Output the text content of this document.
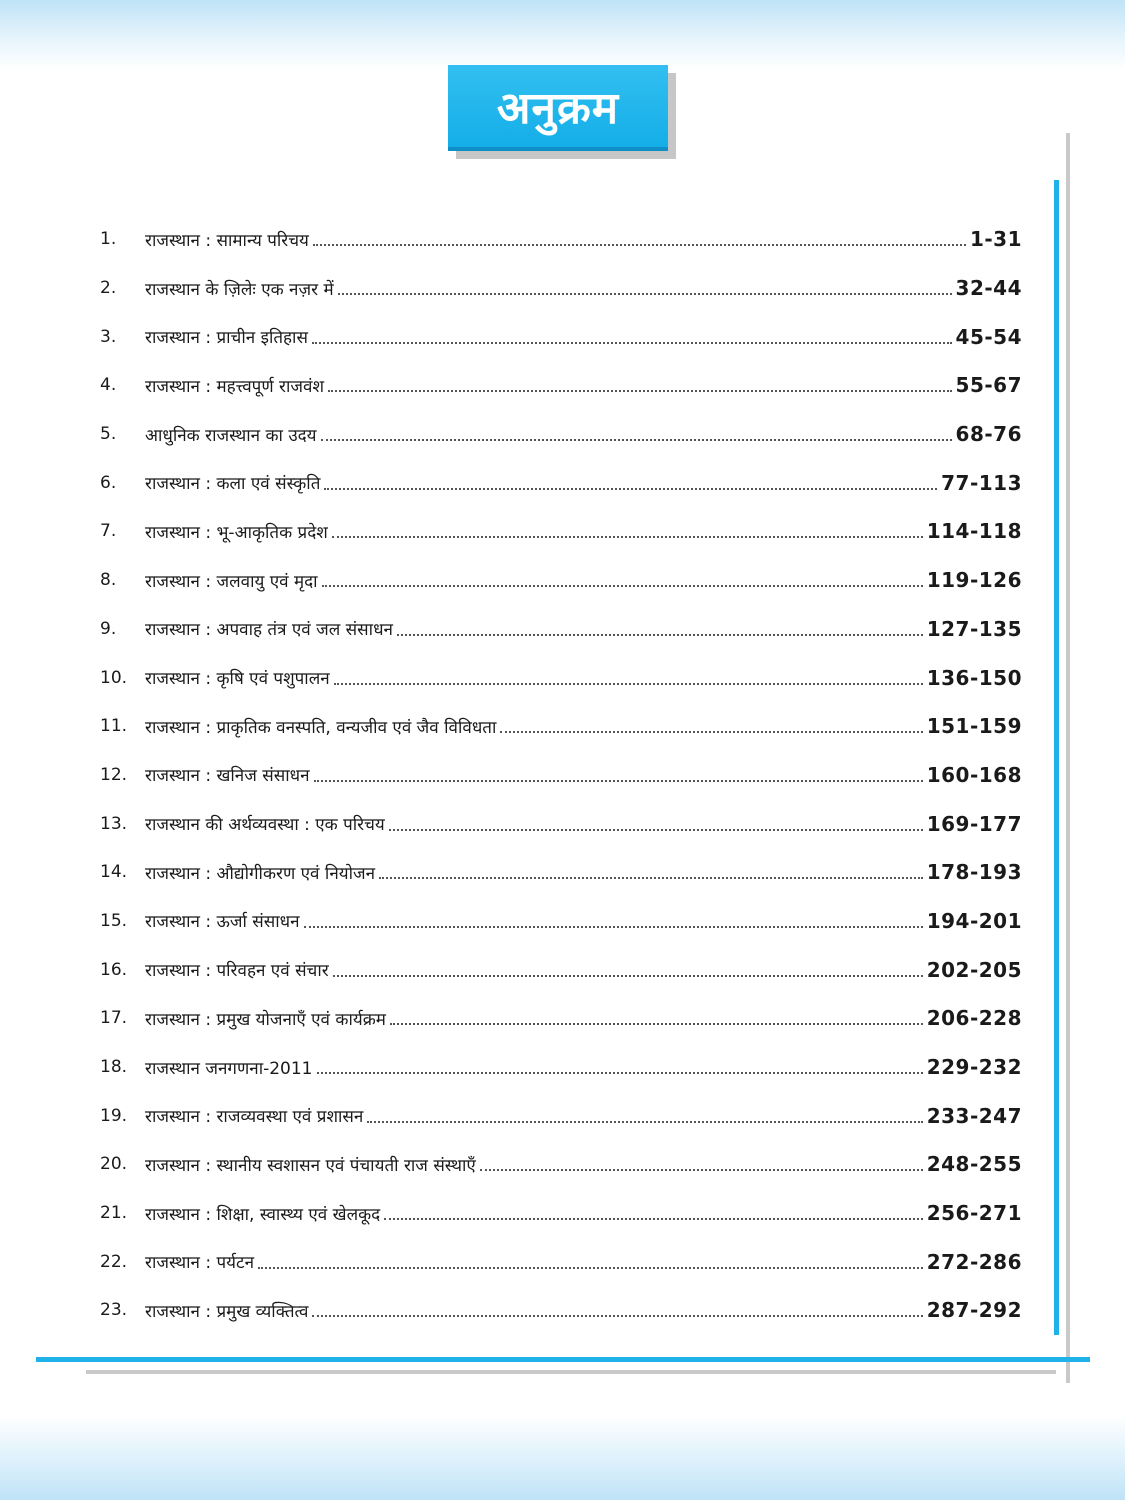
अनुक्रम
1.	राजस्थान : सामान्य परिचय	1-31
2.	राजस्थान के ज़िलेः एक नज़र में	32-44
3.	राजस्थान : प्राचीन इतिहास	45-54
4.	राजस्थान : महत्त्वपूर्ण राजवंश	55-67
5.	आधुनिक राजस्थान का उदय	68-76
6.	राजस्थान : कला एवं संस्कृति	77-113
7.	राजस्थान : भू-आकृतिक प्रदेश	114-118
8.	राजस्थान : जलवायु एवं मृदा	119-126
9.	राजस्थान : अपवाह तंत्र एवं जल संसाधन	127-135
10.	राजस्थान : कृषि एवं पशुपालन	136-150
11.	राजस्थान : प्राकृतिक वनस्पति, वन्यजीव एवं जैव विविधता	151-159
12.	राजस्थान : खनिज संसाधन	160-168
13.	राजस्थान की अर्थव्यवस्था : एक परिचय	169-177
14.	राजस्थान : औद्योगीकरण एवं नियोजन	178-193
15.	राजस्थान : ऊर्जा संसाधन	194-201
16.	राजस्थान : परिवहन एवं संचार	202-205
17.	राजस्थान : प्रमुख योजनाएँ एवं कार्यक्रम	206-228
18.	राजस्थान जनगणना-2011	229-232
19.	राजस्थान : राजव्यवस्था एवं प्रशासन	233-247
20.	राजस्थान : स्थानीय स्वशासन एवं पंचायती राज संस्थाएँ	248-255
21.	राजस्थान : शिक्षा, स्वास्थ्य एवं खेलकूद	256-271
22.	राजस्थान : पर्यटन	272-286
23.	राजस्थान : प्रमुख व्यक्तित्व	287-292
